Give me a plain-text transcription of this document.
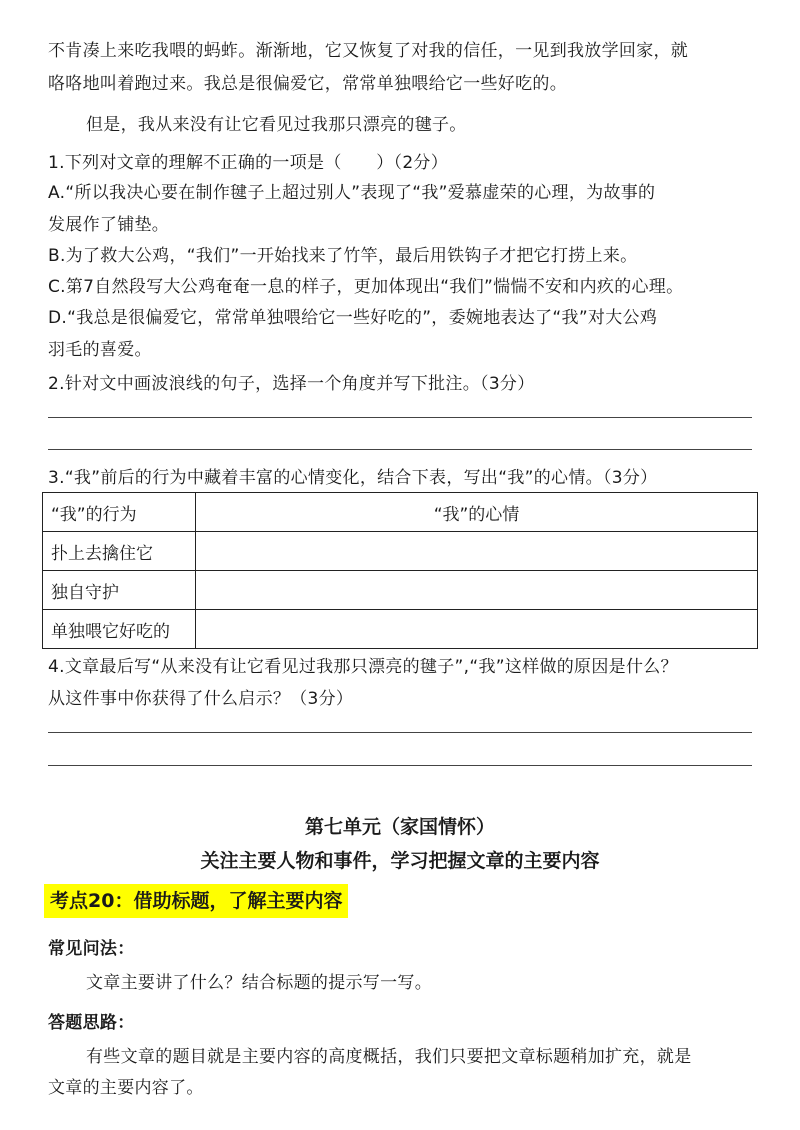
不肯凑上来吃我喂的蚂蚱。渐渐地，它又恢复了对我的信任，一见到我放学回家，就
咯咯地叫着跑过来。我总是很偏爱它，常常单独喂给它一些好吃的。
但是，我从来没有让它看见过我那只漂亮的毽子。
1.下列对文章的理解不正确的一项是（　　）（2分）
A.“所以我决心要在制作毽子上超过别人”表现了“我”爱慕虚荣的心理，为故事的
发展作了铺垫。
B.为了救大公鸡，“我们”一开始找来了竹竿，最后用铁钩子才把它打捞上来。
C.第7自然段写大公鸡奄奄一息的样子，更加体现出“我们”惴惴不安和内疚的心理。
D.“我总是很偏爱它，常常单独喂给它一些好吃的”，委婉地表达了“我”对大公鸡
羽毛的喜爱。
2.针对文中画波浪线的句子，选择一个角度并写下批注。（3分）
3.“我”前后的行为中藏着丰富的心情变化，结合下表，写出“我”的心情。（3分）
“我”的行为	“我”的心情
扑上去擒住它	
独自守护	
单独喂它好吃的	
4.文章最后写“从来没有让它看见过我那只漂亮的毽子”,“我”这样做的原因是什么？
从这件事中你获得了什么启示？（3分）
第七单元（家国情怀）
关注主要人物和事件，学习把握文章的主要内容
考点20：借助标题，了解主要内容
常见问法：
文章主要讲了什么？结合标题的提示写一写。
答题思路：
有些文章的题目就是主要内容的高度概括，我们只要把文章标题稍加扩充，就是
文章的主要内容了。
